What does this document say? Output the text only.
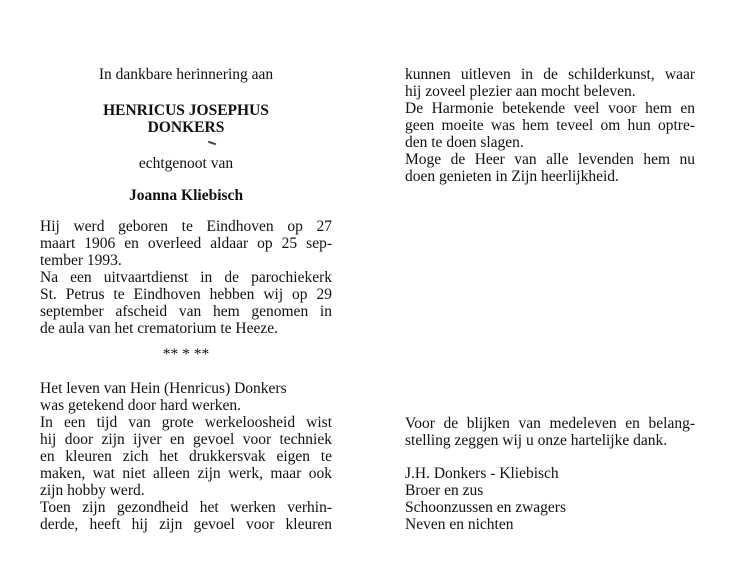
In dankbare herinnering aan
HENRICUS JOSEPHUS
DONKERS
echtgenoot van
Joanna Kliebisch
Hij werd geboren te Eindhoven op 27
maart 1906 en overleed aldaar op 25 sep-
tember 1993.
Na een uitvaartdienst in de parochiekerk
St. Petrus te Eindhoven hebben wij op 29
september afscheid van hem genomen in
de aula van het crematorium te Heeze.
** * **
Het leven van Hein (Henricus) Donkers
was getekend door hard werken.
In een tijd van grote werkeloosheid wist
hij door zijn ijver en gevoel voor techniek
en kleuren zich het drukkersvak eigen te
maken, wat niet alleen zijn werk, maar ook
zijn hobby werd.
Toen zijn gezondheid het werken verhin-
derde, heeft hij zijn gevoel voor kleuren
kunnen uitleven in de schilderkunst, waar
hij zoveel plezier aan mocht beleven.
De Harmonie betekende veel voor hem en
geen moeite was hem teveel om hun optre-
den te doen slagen.
Moge de Heer van alle levenden hem nu
doen genieten in Zijn heerlijkheid.
Voor de blijken van medeleven en belang-
stelling zeggen wij u onze hartelijke dank.
J.H. Donkers - Kliebisch
Broer en zus
Schoonzussen en zwagers
Neven en nichten
